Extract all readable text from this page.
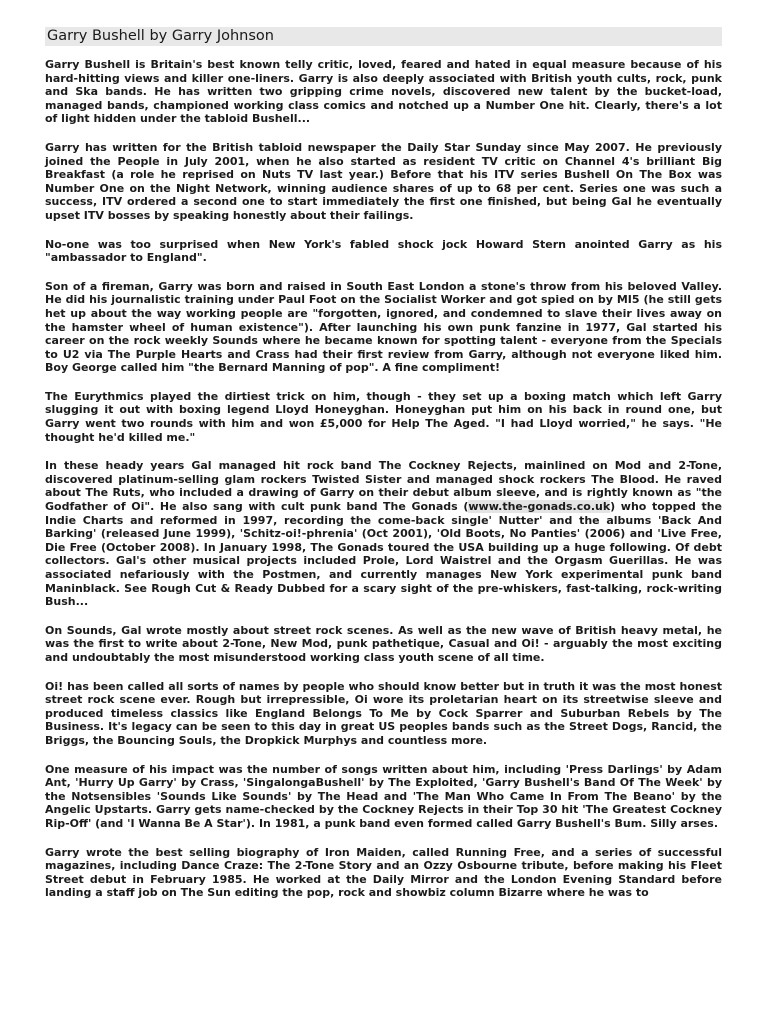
Garry Bushell by Garry Johnson

Garry Bushell is Britain's best known telly critic, loved, feared and hated in equal measure because of his hard-hitting views and killer one-liners. Garry is also deeply associated with British youth cults, rock, punk and Ska bands. He has written two gripping crime novels, discovered new talent by the bucket-load, managed bands, championed working class comics and notched up a Number One hit. Clearly, there's a lot of light hidden under the tabloid Bushell...

Garry has written for the British tabloid newspaper the Daily Star Sunday since May 2007. He previously joined the People in July 2001, when he also started as resident TV critic on Channel 4's brilliant Big Breakfast (a role he reprised on Nuts TV last year.) Before that his ITV series Bushell On The Box was Number One on the Night Network, winning audience shares of up to 68 per cent. Series one was such a success, ITV ordered a second one to start immediately the first one finished, but being Gal he eventually upset ITV bosses by speaking honestly about their failings.

No-one was too surprised when New York's fabled shock jock Howard Stern anointed Garry as his "ambassador to England".

Son of a fireman, Garry was born and raised in South East London a stone's throw from his beloved Valley. He did his journalistic training under Paul Foot on the Socialist Worker and got spied on by MI5 (he still gets het up about the way working people are "forgotten, ignored, and condemned to slave their lives away on the hamster wheel of human existence"). After launching his own punk fanzine in 1977, Gal started his career on the rock weekly Sounds where he became known for spotting talent - everyone from the Specials to U2 via The Purple Hearts and Crass had their first review from Garry, although not everyone liked him. Boy George called him "the Bernard Manning of pop". A fine compliment!

The Eurythmics played the dirtiest trick on him, though - they set up a boxing match which left Garry slugging it out with boxing legend Lloyd Honeyghan. Honeyghan put him on his back in round one, but Garry went two rounds with him and won £5,000 for Help The Aged. "I had Lloyd worried," he says. "He thought he'd killed me."

In these heady years Gal managed hit rock band The Cockney Rejects, mainlined on Mod and 2-Tone, discovered platinum-selling glam rockers Twisted Sister and managed shock rockers The Blood. He raved about The Ruts, who included a drawing of Garry on their debut album sleeve, and is rightly known as "the Godfather of Oi". He also sang with cult punk band The Gonads (www.the-gonads.co.uk) who topped the Indie Charts and reformed in 1997, recording the come-back single' Nutter' and the albums 'Back And Barking' (released June 1999), 'Schitz-oi!-phrenia' (Oct 2001), 'Old Boots, No Panties' (2006) and 'Live Free, Die Free (October 2008). In January 1998, The Gonads toured the USA building up a huge following. Of debt collectors. Gal's other musical projects included Prole, Lord Waistrel and the Orgasm Guerillas. He was associated nefariously with the Postmen, and currently manages New York experimental punk band Maninblack. See Rough Cut & Ready Dubbed for a scary sight of the pre-whiskers, fast-talking, rock-writing Bush...

On Sounds, Gal wrote mostly about street rock scenes. As well as the new wave of British heavy metal, he was the first to write about 2-Tone, New Mod, punk pathetique, Casual and Oi! - arguably the most exciting and undoubtably the most misunderstood working class youth scene of all time.

Oi! has been called all sorts of names by people who should know better but in truth it was the most honest street rock scene ever. Rough but irrepressible, Oi wore its proletarian heart on its streetwise sleeve and produced timeless classics like England Belongs To Me by Cock Sparrer and Suburban Rebels by The Business. It's legacy can be seen to this day in great US peoples bands such as the Street Dogs, Rancid, the Briggs, the Bouncing Souls, the Dropkick Murphys and countless more.

One measure of his impact was the number of songs written about him, including 'Press Darlings' by Adam Ant, 'Hurry Up Garry' by Crass, 'SingalongaBushell' by The Exploited, 'Garry Bushell's Band Of The Week' by the Notsensibles 'Sounds Like Sounds' by The Head and 'The Man Who Came In From The Beano' by the Angelic Upstarts. Garry gets name-checked by the Cockney Rejects in their Top 30 hit 'The Greatest Cockney Rip-Off' (and 'I Wanna Be A Star'). In 1981, a punk band even formed called Garry Bushell's Bum. Silly arses.

Garry wrote the best selling biography of Iron Maiden, called Running Free, and a series of successful magazines, including Dance Craze: The 2-Tone Story and an Ozzy Osbourne tribute, before making his Fleet Street debut in February 1985. He worked at the Daily Mirror and the London Evening Standard before landing a staff job on The Sun editing the pop, rock and showbiz column Bizarre where he was to
